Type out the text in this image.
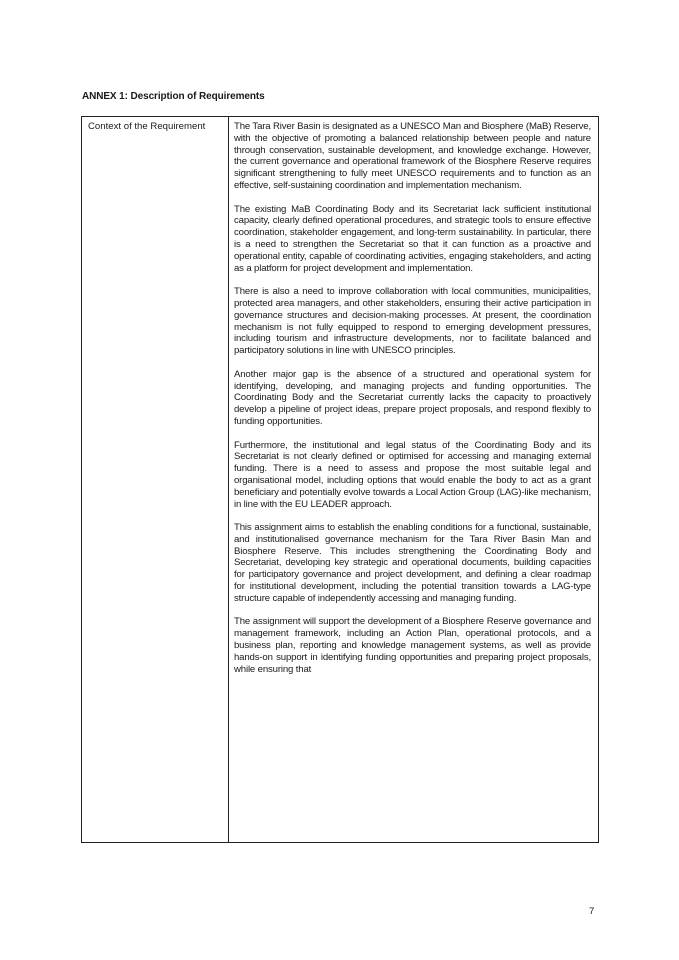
ANNEX 1: Description of Requirements
Context of the Requirement	The Tara River Basin is designated as a UNESCO Man and Biosphere (MaB) Reserve, with the objective of promoting a balanced relationship between people and nature through conservation, sustainable development, and knowledge exchange. However, the current governance and operational framework of the Biosphere Reserve requires significant strengthening to fully meet UNESCO requirements and to function as an effective, self-sustaining coordination and implementation mechanism.

The existing MaB Coordinating Body and its Secretariat lack sufficient institutional capacity, clearly defined operational procedures, and strategic tools to ensure effective coordination, stakeholder engagement, and long-term sustainability. In particular, there is a need to strengthen the Secretariat so that it can function as a proactive and operational entity, capable of coordinating activities, engaging stakeholders, and acting as a platform for project development and implementation.

There is also a need to improve collaboration with local communities, municipalities, protected area managers, and other stakeholders, ensuring their active participation in governance structures and decision-making processes. At present, the coordination mechanism is not fully equipped to respond to emerging development pressures, including tourism and infrastructure developments, nor to facilitate balanced and participatory solutions in line with UNESCO principles.

Another major gap is the absence of a structured and operational system for identifying, developing, and managing projects and funding opportunities. The Coordinating Body and the Secretariat currently lacks the capacity to proactively develop a pipeline of project ideas, prepare project proposals, and respond flexibly to funding opportunities.

Furthermore, the institutional and legal status of the Coordinating Body and its Secretariat is not clearly defined or optimised for accessing and managing external funding. There is a need to assess and propose the most suitable legal and organisational model, including options that would enable the body to act as a grant beneficiary and potentially evolve towards a Local Action Group (LAG)-like mechanism, in line with the EU LEADER approach.

This assignment aims to establish the enabling conditions for a functional, sustainable, and institutionalised governance mechanism for the Tara River Basin Man and Biosphere Reserve. This includes strengthening the Coordinating Body and Secretariat, developing key strategic and operational documents, building capacities for participatory governance and project development, and defining a clear roadmap for institutional development, including the potential transition towards a LAG-type structure capable of independently accessing and managing funding.

The assignment will support the development of a Biosphere Reserve governance and management framework, including an Action Plan, operational protocols, and a business plan, reporting and knowledge management systems, as well as provide hands-on support in identifying funding opportunities and preparing project proposals, while ensuring that

7
